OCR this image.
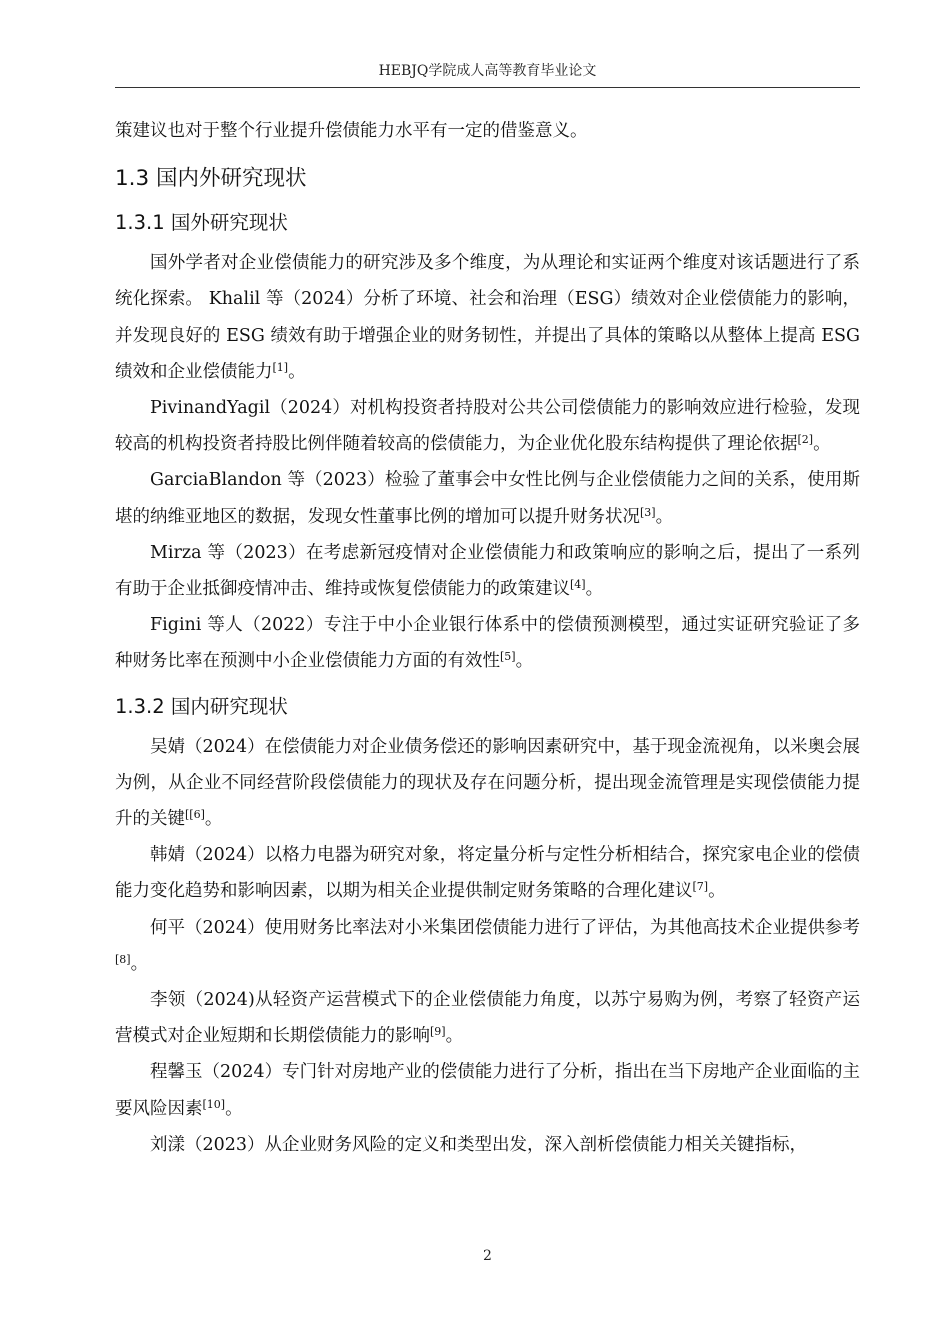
HEBJQ学院成人高等教育毕业论文

策建议也对于整个行业提升偿债能力水平有一定的借鉴意义。

1.3 国内外研究现状
1.3.1 国外研究现状

国外学者对企业偿债能力的研究涉及多个维度，为从理论和实证两个维度对该话题进行了系统化探索。 Khalil 等（2024）分析了环境、社会和治理（ESG）绩效对企业偿债能力的影响，并发现良好的 ESG 绩效有助于增强企业的财务韧性，并提出了具体的策略以从整体上提高 ESG 绩效和企业偿债能力[1]。

PivinandYagil（2024）对机构投资者持股对公共公司偿债能力的影响效应进行检验，发现较高的机构投资者持股比例伴随着较高的偿债能力，为企业优化股东结构提供了理论依据[2]。

GarciaBlandon 等（2023）检验了董事会中女性比例与企业偿债能力之间的关系，使用斯堪的纳维亚地区的数据，发现女性董事比例的增加可以提升财务状况[3]。

Mirza 等（2023）在考虑新冠疫情对企业偿债能力和政策响应的影响之后，提出了一系列有助于企业抵御疫情冲击、维持或恢复偿债能力的政策建议[4]。

Figini 等人（2022）专注于中小企业银行体系中的偿债预测模型，通过实证研究验证了多种财务比率在预测中小企业偿债能力方面的有效性[5]。

1.3.2 国内研究现状

吴婧（2024）在偿债能力对企业债务偿还的影响因素研究中，基于现金流视角，以米奥会展为例，从企业不同经营阶段偿债能力的现状及存在问题分析，提出现金流管理是实现偿债能力提升的关键[[6]。

韩婧（2024）以格力电器为研究对象，将定量分析与定性分析相结合，探究家电企业的偿债能力变化趋势和影响因素，以期为相关企业提供制定财务策略的合理化建议[7]。

何平（2024）使用财务比率法对小米集团偿债能力进行了评估，为其他高技术企业提供参考[8]。

李领（2024)从轻资产运营模式下的企业偿债能力角度，以苏宁易购为例，考察了轻资产运营模式对企业短期和长期偿债能力的影响[9]。

程馨玉（2024）专门针对房地产业的偿债能力进行了分析，指出在当下房地产企业面临的主要风险因素[10]。

刘漾（2023）从企业财务风险的定义和类型出发，深入剖析偿债能力相关关键指标，

2
